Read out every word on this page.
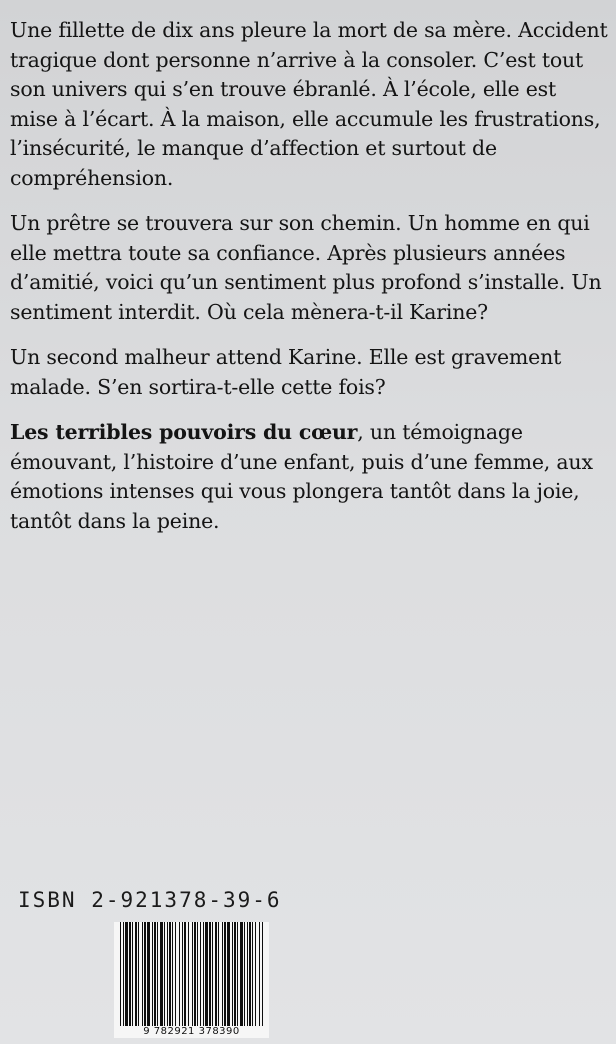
Une fillette de dix ans pleure la mort de sa mère. Accident tragique dont personne n’arrive à la consoler. C’est tout son univers qui s’en trouve ébranlé. À l’école, elle est mise à l’écart. À la maison, elle accumule les frustrations, l’insécurité, le manque d’affection et surtout de compréhension.

Un prêtre se trouvera sur son chemin. Un homme en qui elle mettra toute sa confiance. Après plusieurs années d’amitié, voici qu’un sentiment plus profond s’installe. Un sentiment interdit. Où cela mènera-t-il Karine?

Un second malheur attend Karine. Elle est gravement malade. S’en sortira-t-elle cette fois?

Les terribles pouvoirs du cœur, un témoignage émouvant, l’histoire d’une enfant, puis d’une femme, aux émotions intenses qui vous plongera tantôt dans la joie, tantôt dans la peine.

ISBN 2-921378-39-6
9 782921 378390
